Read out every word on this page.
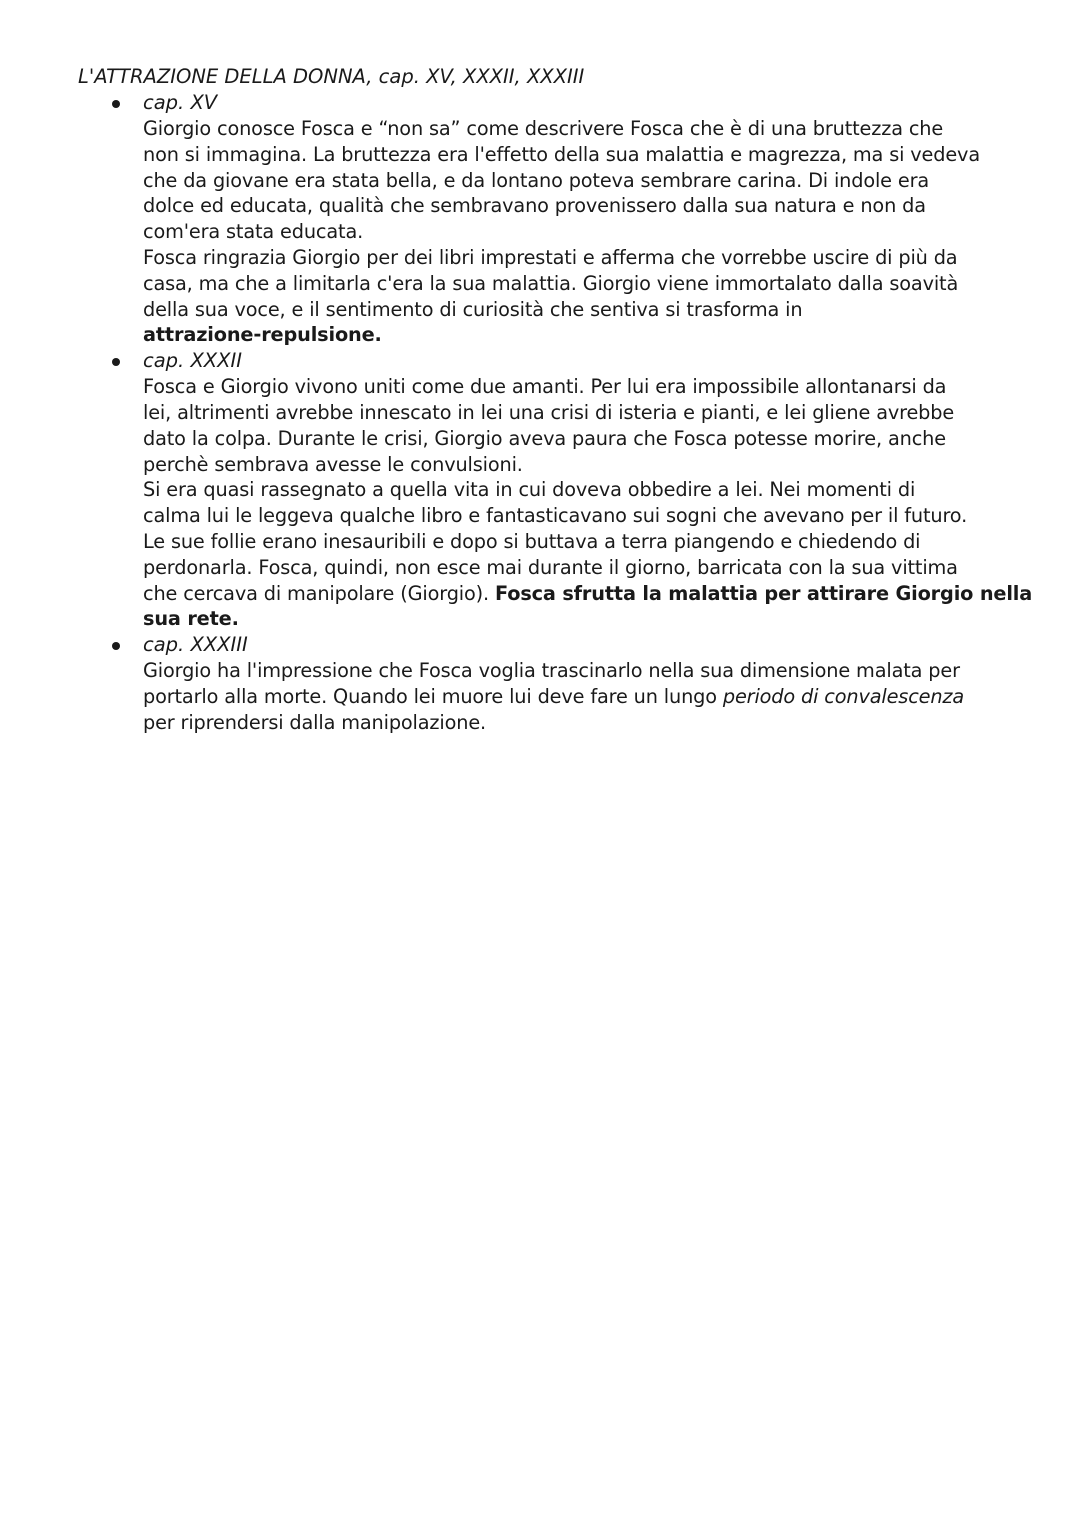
L'ATTRAZIONE DELLA DONNA, cap. XV, XXXII, XXXIII
cap. XV
Giorgio conosce Fosca e “non sa” come descrivere Fosca che è di una bruttezza che
non si immagina. La bruttezza era l'effetto della sua malattia e magrezza, ma si vedeva
che da giovane era stata bella, e da lontano poteva sembrare carina. Di indole era
dolce ed educata, qualità che sembravano provenissero dalla sua natura e non da
com'era stata educata.
Fosca ringrazia Giorgio per dei libri imprestati e afferma che vorrebbe uscire di più da
casa, ma che a limitarla c'era la sua malattia. Giorgio viene immortalato dalla soavità
della sua voce, e il sentimento di curiosità che sentiva si trasforma in
attrazione-repulsione.
cap. XXXII
Fosca e Giorgio vivono uniti come due amanti. Per lui era impossibile allontanarsi da
lei, altrimenti avrebbe innescato in lei una crisi di isteria e pianti, e lei gliene avrebbe
dato la colpa. Durante le crisi, Giorgio aveva paura che Fosca potesse morire, anche
perchè sembrava avesse le convulsioni.
Si era quasi rassegnato a quella vita in cui doveva obbedire a lei. Nei momenti di
calma lui le leggeva qualche libro e fantasticavano sui sogni che avevano per il futuro.
Le sue follie erano inesauribili e dopo si buttava a terra piangendo e chiedendo di
perdonarla. Fosca, quindi, non esce mai durante il giorno, barricata con la sua vittima
che cercava di manipolare (Giorgio). Fosca sfrutta la malattia per attirare Giorgio nella
sua rete.
cap. XXXIII
Giorgio ha l'impressione che Fosca voglia trascinarlo nella sua dimensione malata per
portarlo alla morte. Quando lei muore lui deve fare un lungo periodo di convalescenza
per riprendersi dalla manipolazione.
